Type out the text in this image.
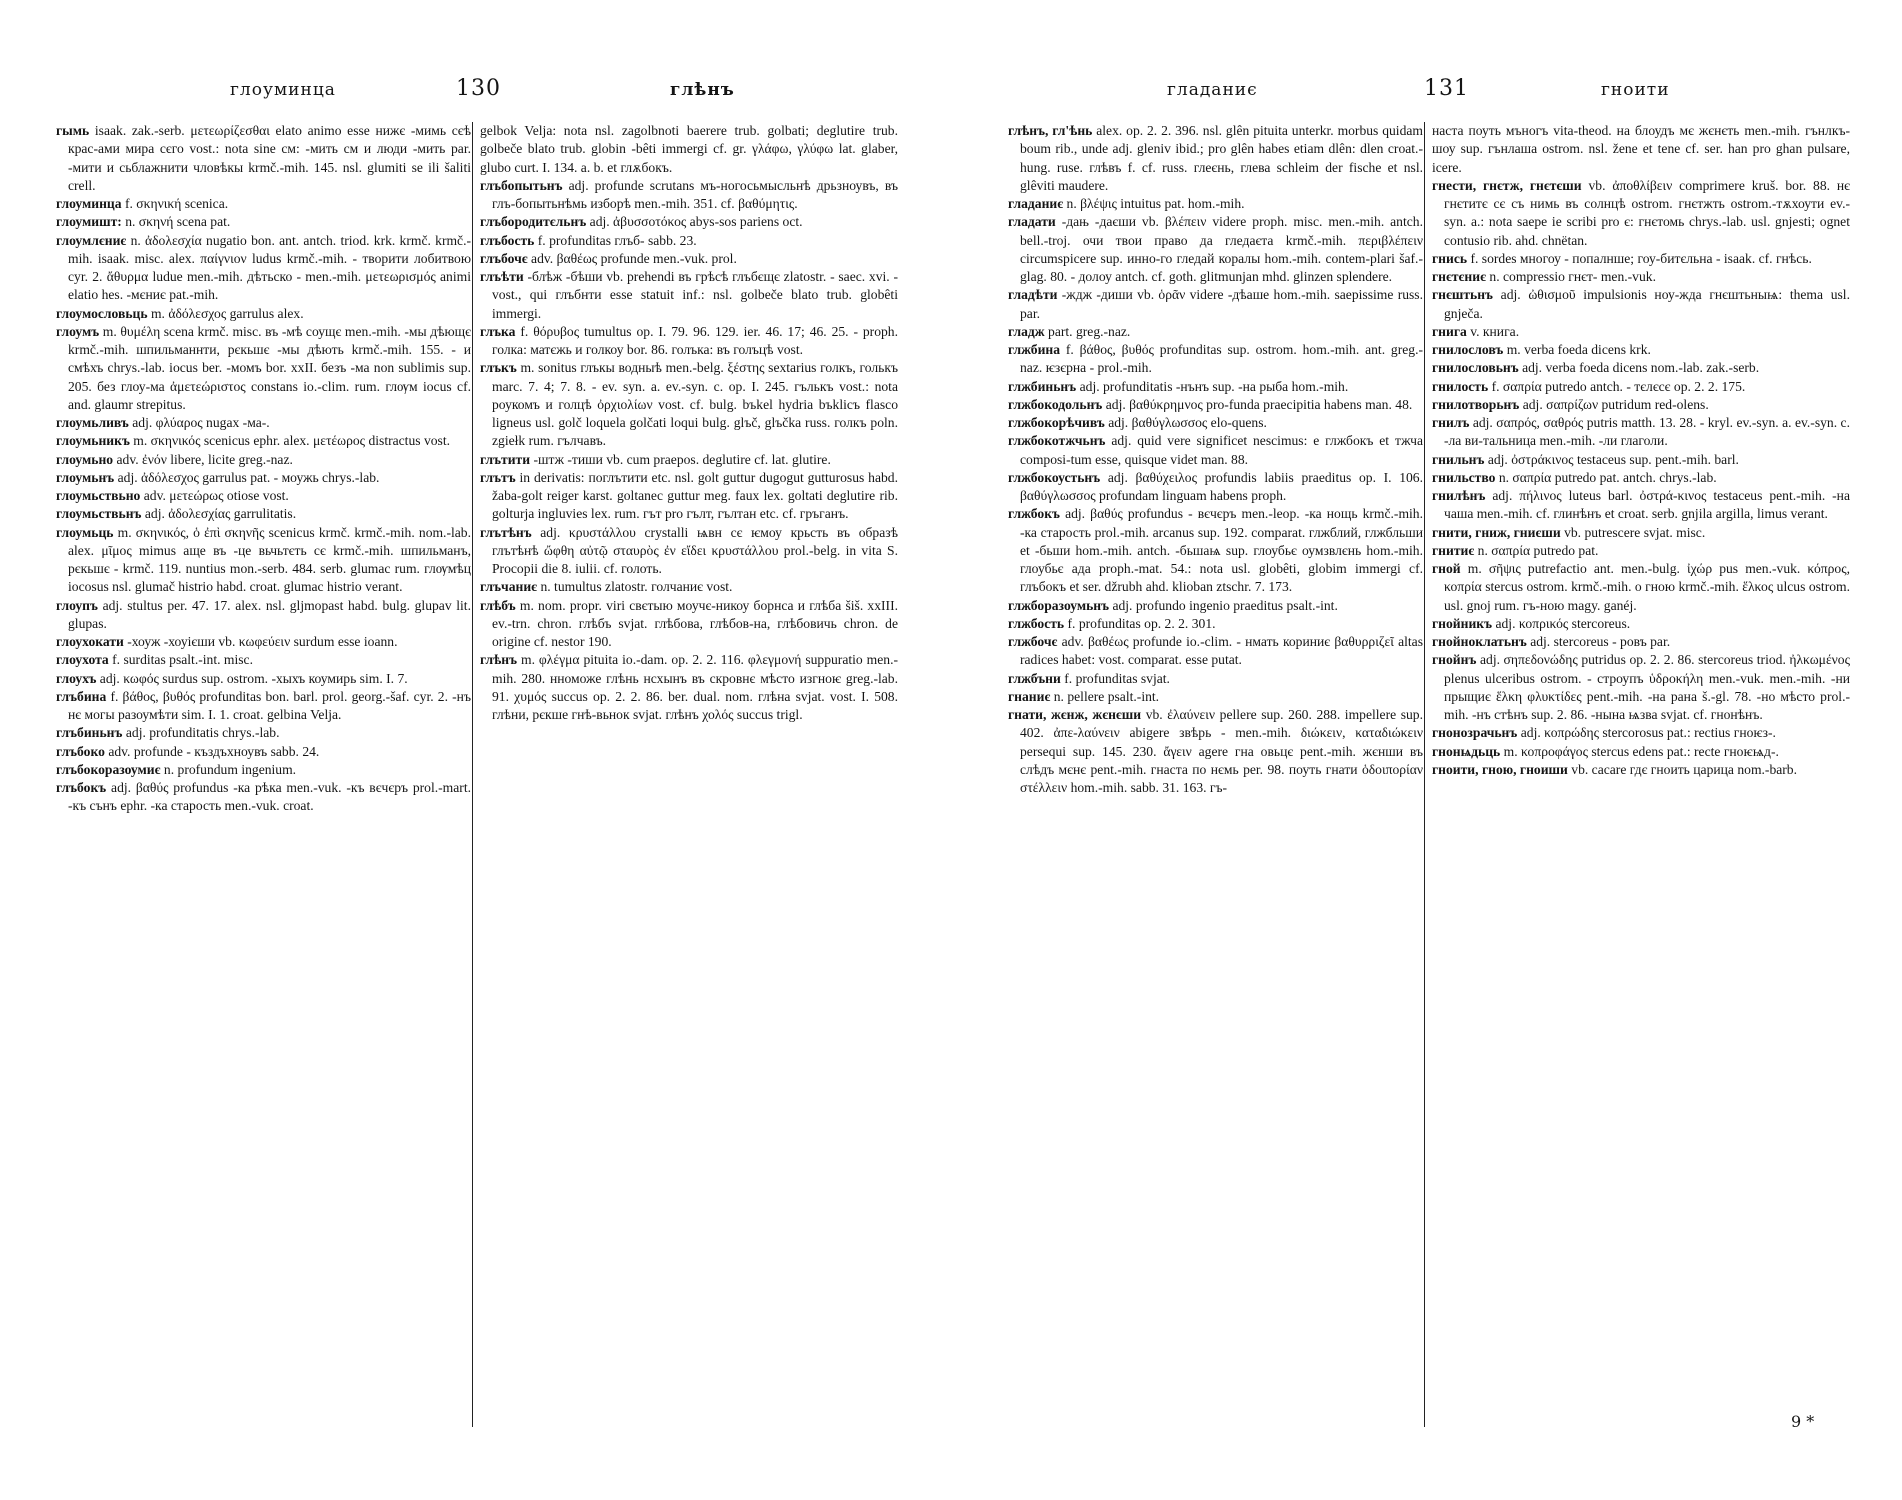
глоуминца	130	глѣнъ

гымь isaak. zak.-serb. μετεωρίζεσθαι elato animo esse нижє -мимь сєѣ крас-ами мира сєго vost.: nota sine см: -мить см и люди -мить par. -мити и сьблажнити чловѣкы krmč.-mih. 145. nsl. glumiti se ili šaliti crell.

глоуминца f. σκηνική scenica.

глоумишт: n. σκηνή scena pat.

глоумлєниє n. ἀδολεσχία nugatio bon. ant. antch. triod. krk. krmč. krmč.-mih. isaak. misc. alex. παίγνιον ludus krmč.-mih. - творити лобитвою cyr. 2. ἄθυρμα ludue men.-mih. дѣтьско - men.-mih. μετεωρισμός animi elatio hes. -мєниє pat.-mih.

глоумословьць m. ἀδόλεσχος garrulus alex.

глоумъ m. θυμέλη scena krmč. misc. въ -мѣ соущє men.-mih. -мы дѣющє krmč.-mih. шпильманнти, рєкьшє -мы дѣють krmč.-mih. 155. - и смѣхъ chrys.-lab. iocus ber. -момъ bor. xxII. безъ -ма non sublimis sup. 205. без глоу-ма ἀμετεώριστος constans io.-clim. rum. глѹм iocus cf. and. glaumr strepitus.

глоумьливъ adj. φλύαρος nugax -ма-.

глоумьникъ m. σκηνικός scenicus ephr. alex. μετέωρος distractus vost.

глоумьно adv. ἐνόν libere, licite greg.-naz.

глоумьнъ adj. ἀδόλεσχος garrulus pat. - моужь chrys.-lab.

глоумьствьно adv. μετεώρως otiose vost.

глоумьствьнъ adj. ἀδολεσχίας garrulitatis.

глоумьць m. σκηνικός, ὁ ἐπὶ σκηνῆς scenicus krmč. krmč.-mih. nom.-lab. alex. μῖμος mimus аще въ -це вьчьтєть сє krmč.-mih. шпильманъ, рєкьшє - krmč. 119. nuntius mon.-serb. 484. serb. glumac rum. глѹмѣц iocosus nsl. glumač histrio habd. croat. glumac histrio verant.

глоупъ adj. stultus per. 47. 17. alex. nsl. gljmopast habd. bulg. glupav lit. glupas.

глоухокати -хоуж -хоуієши vb. κωφεύειν surdum esse ioann.

глоухота f. surditas psalt.-int. misc.

глоухъ adj. κωφός surdus sup. ostrom. -хыхъ коумирь sim. I. 7.

глъбина f. βάθος, βυθός profunditas bon. barl. prol. georg.-šaf. cyr. 2. -нъ нє могы разоумѣти sim. I. 1. croat. gelbina Velja.

глъбиньнъ adj. profunditatis chrys.-lab.

глъбоко adv. profunde - къздъхноувъ sabb. 24.

глъбокоразоумиє n. profundum ingenium.

глъбокъ adj. βαθύς profundus -ка рѣка men.-vuk. -къ вєчєръ prol.-mart. -къ сънъ ephr. -ка старость men.-vuk. croat.

gelbok Velja: nota nsl. zagolbnoti baerere trub. golbati; deglutire trub. golbeče blato trub. globin -bêti immergi cf. gr. γλάφω, γλύφω lat. glaber, glubo curt. I. 134. a. b. et глѫбокъ.

глъбопытьнъ adj. profunde scrutans мъ-ногосьмысльнѣ дрьзноувъ, въ глъ-бопытьнѣмь изборѣ men.-mih. 351. cf. βαθύμητις.

глъбородитєльнъ adj. ἀβυσσοτόκος abys-sos pariens oct.

глъбость f. profunditas глъб- sabb. 23.

глъбочє adv. βαθέως profunde men.-vuk. prol.

глъѣти -блѣж -бѣши vb. prehendi въ грѣсѣ глъбєщє zlatostr. - saec. xvi. - vost., qui глъбнти esse statuit inf.: nsl. golbeče blato trub. globêti immergi.

глъка f. θόρυβος tumultus op. I. 79. 96. 129. ier. 46. 17; 46. 25. - proph. голка: матєжь и голкоу bor. 86. голъка: въ голъцѣ vost.

глъкъ m. sonitus глъкы водныѣ men.-belg. ξέστης sextarius голкъ, голькъ marc. 7. 4; 7. 8. - ev. syn. a. ev.-syn. c. op. I. 245. гълькъ vost.: nota роукомъ и голцѣ ὀρχιολίων vost. cf. bulg. bъkel hydria bъklicъ flasco ligneus usl. golč loquela golčati loqui bulg. glъč, glъčka russ. голкъ poln. zgiełk rum. гълчавъ.

глътити -штж -тиши vb. cum praepos. deglutire cf. lat. glutire.

глътъ in derivatis: поглътити etc. nsl. golt guttur dugogut gutturosus habd. žaba-golt reiger karst. goltanec guttur meg. faux lex. goltati deglutire rib. golturja ingluvies lex. rum. гът pro гълт, гълтан etc. cf. гръганъ.

глътѣнъ adj. κρυστάλλου crystalli ѩвн сє ѥмоу крьсть въ образѣ глътѣнѣ ὤφθη αὐτῷ σταυρὸς ἐν εἴδει κρυστάλλου prol.-belg. in vita S. Procopii die 8. iulii. cf. голоть.

глъчаниє n. tumultus zlatostr. голчаниє vost.

глѣбъ m. nom. propr. viri свєтыю моучє-никоу борнса и глѣба šiš. xxIII. ev.-trn. chron. глѣбъ svjat. глѣбова, глѣбов-на, глѣбовичь chron. de origine cf. nestor 190.

глѣнъ m. φλέγμα pituita io.-dam. op. 2. 2. 116. φλεγμονή suppuratio men.-mih. 280. нноможе глѣнь нсхынъ въ скровнє мѣсто изгноѥ greg.-lab. 91. χυμός succus op. 2. 2. 86. ber. dual. nom. глѣна svjat. vost. I. 508. глѣни, рєкше гнѣ-вьнок svjat. глѣнъ χολός succus trigl.

гладаниє	131	гноити

глѣнъ, гл'ѣнь alex. op. 2. 2. 396. nsl. glên pituita unterkr. morbus quidam boum rib., unde adj. gleniv ibid.; pro glên habes etiam dlên: dlen croat.-hung. ruse. глѣвъ f. cf. russ. глеєнь, глева schleim der fische et nsl. glêviti maudere.

гладаниє n. βλέψις intuitus pat. hom.-mih.

гладати -дањ -даєши vb. βλέπειν videre proph. misc. men.-mih. antch. bell.-troj. очи твои право да гледаєта krmč.-mih. περιβλέπειν circumspicere sup. инно-го гледай коралы hom.-mih. contem-plari šaf.-glag. 80. - долоу antch. cf. goth. glitmunjan mhd. glinzen splendere.

гладѣти -ждж -диши vb. ὁρᾶν videre -дѣаше hom.-mih. saepissime russ. par.

гладж part. greg.-naz.

глжбина f. βάθος, βυθός profunditas sup. ostrom. hom.-mih. ant. greg.-naz. ѥзєрна - prol.-mih.

глжбиньнъ adj. profunditatis -нънъ sup. -на рыба hom.-mih.

глжбокодольнъ adj. βαθύκρημνος pro-funda praecipitia habens man. 48.

глжбокорѣчивъ adj. βαθύγλωσσος elo-quens.

глжбокотжчьнъ adj. quid vere significet nescimus: e глжбокъ et тжча composi-tum esse, quisque videt man. 88.

глжбокоустьнъ adj. βαθύχειλος profundis labiis praeditus op. I. 106. βαθύγλωσσος profundam linguam habens proph.

глжбокъ adj. βαθύς profundus - вєчєръ men.-leop. -ка нощь krmč.-mih. -ка старость prol.-mih. arcanus sup. 192. comparat. глжблий, глжбльши et -бьши hom.-mih. antch. -бьшаѩ sup. глоубьє оумзвлєнь hom.-mih. глоубьє ада proph.-mat. 54.: nota usl. globêti, globim immergi cf. глъбокъ et ser. džrubh ahd. klioban ztschr. 7. 173.

глжборазоумьнъ adj. profundo ingenio praeditus psalt.-int.

глжбость f. profunditas op. 2. 2. 301.

глжбочє adv. βαθέως profunde io.-clim. - нмать кориниє βαθυρριζεῖ altas radices habet: vost. comparat. esse putat.

глжбъни f. profunditas svjat.

гнаниє n. pellere psalt.-int.

гнати, жєнж, жєнєши vb. ἐλαύνειν pellere sup. 260. 288. impellere sup. 402. ἀπε-λαύνειν abigere звѣрь - men.-mih. διώκειν, καταδιώκειν persequi sup. 145. 230. ἄγειν agere гна овьцє pent.-mih. жєнши въ слѣдъ мєнє pent.-mih. гнаста по нємь per. 98. поуть гнати ὁδοιπορίαν στέλλειν hom.-mih. sabb. 31. 163. гъ-

наста поуть мъногъ vita-theod. на блоудъ мє жєнєть men.-mih. гънлкъ-шоу sup. гънлаша ostrom. nsl. žene et tene cf. ser. han pro ghan pulsare, icere.

гнести, гнєтж, гнєтєши vb. ἀποθλίβειν comprimere kruš. bor. 88. нє гнєтитє сє съ нимь въ солнцѣ ostrom. гнєтжть ostrom.-тѫхоути ev.-syn. a.: nota saepe ie scribi pro є: гнєтомь chrys.-lab. usl. gnjesti; ognet contusio rib. ahd. chnëtan.

гнись f. sordes многоу - попалнше; гоу-битєльна - isaak. cf. гнѣсь.

гнєтєниє n. compressio гнєт- men.-vuk.

гнєштьнъ adj. ὠθισμοῦ impulsionis ноу-жда гнєштьныѩ: thema usl. gnječa.

гнига v. книга.

гнилословъ m. verba foeda dicens krk.

гнилословьнъ adj. verba foeda dicens nom.-lab. zak.-serb.

гнилость f. σαπρία putredo antch. - тєлєсє op. 2. 2. 175.

гнилотворьнъ adj. σαπρίζων putridum red-olens.

гнилъ adj. σαπρός, σαθρός putris matth. 13. 28. - kryl. ev.-syn. a. ev.-syn. c. -ла ви-тальница men.-mih. -ли глаголи.

гнильнъ adj. ὀστράκινος testaceus sup. pent.-mih. barl.

гнильство n. σαπρία putredo pat. antch. chrys.-lab.

гнилѣнъ adj. πήλινος luteus barl. ὀστρά-κινος testaceus pent.-mih. -на чаша men.-mih. cf. глинѣнъ et croat. serb. gnjila argilla, limus verant.

гнити, гниж, гниєши vb. putrescere svjat. misc.

гнитиє n. σαπρία putredo pat.

гной m. σῆψις putrefactio ant. men.-bulg. ἰχώρ pus men.-vuk. κόπρος, κοπρία stercus ostrom. krmč.-mih. о гною krmč.-mih. ἕλκος ulcus ostrom. usl. gnoj rum. гъ-ною magy. ganéj.

гнойникъ adj. κοπρικός stercoreus.

гнойноклатьнъ adj. stercoreus - ровъ par.

гнойнъ adj. σηπεδονώδης putridus op. 2. 2. 86. stercoreus triod. ἠλκωμένος plenus ulceribus ostrom. - строупъ ὑδροκήλη men.-vuk. men.-mih. -ни прыщиє ἕλκη φλυκτίδες pent.-mih. -на рана š.-gl. 78. -но мѣсто prol.-mih. -нъ стѣнъ sup. 2. 86. -нына ѩзва svjat. cf. гнонѣнъ.

гнонозрачьнъ adj. κοπρώδης stercorosus pat.: rectius гноѥз-.

гнонѩдьць m. κοπροφάγος stercus edens pat.: recte гноѥѩд-.

гноити, гною, гноиши vb. cacare гдє гноить царица nom.-barb.

9 *
